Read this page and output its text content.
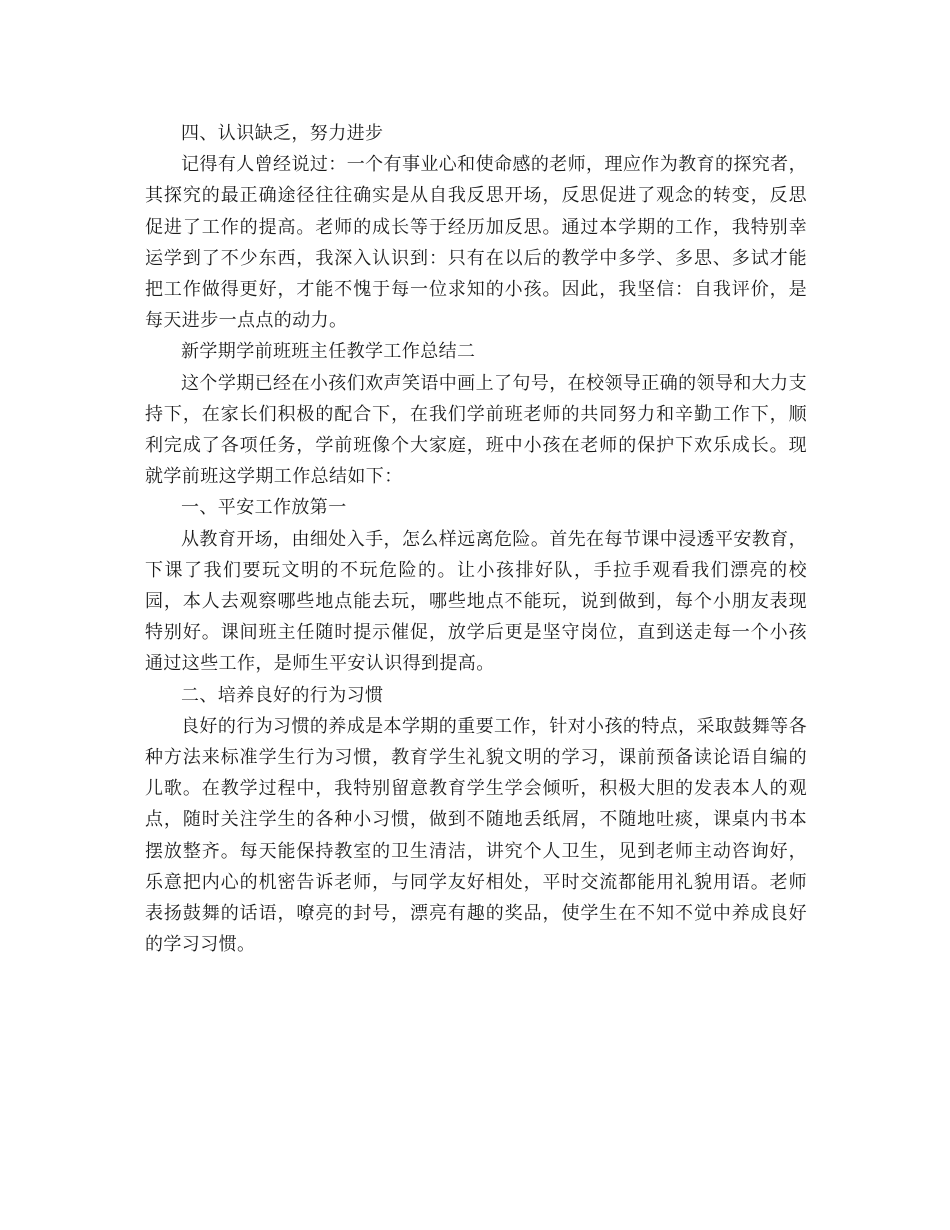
四、认识缺乏，努力进步

记得有人曾经说过：一个有事业心和使命感的老师，理应作为教育的探究者，其探究的最正确途径往往确实是从自我反思开场，反思促进了观念的转变，反思促进了工作的提高。老师的成长等于经历加反思。通过本学期的工作，我特别幸运学到了不少东西，我深入认识到：只有在以后的教学中多学、多思、多试才能把工作做得更好，才能不愧于每一位求知的小孩。因此，我坚信：自我评价，是每天进步一点点的动力。

新学期学前班班主任教学工作总结二

这个学期已经在小孩们欢声笑语中画上了句号，在校领导正确的领导和大力支持下，在家长们积极的配合下，在我们学前班老师的共同努力和辛勤工作下，顺利完成了各项任务，学前班像个大家庭，班中小孩在老师的保护下欢乐成长。现就学前班这学期工作总结如下：

一、平安工作放第一

从教育开场，由细处入手，怎么样远离危险。首先在每节课中浸透平安教育，下课了我们要玩文明的不玩危险的。让小孩排好队，手拉手观看我们漂亮的校园，本人去观察哪些地点能去玩，哪些地点不能玩，说到做到，每个小朋友表现特别好。课间班主任随时提示催促，放学后更是坚守岗位，直到送走每一个小孩通过这些工作，是师生平安认识得到提高。

二、培养良好的行为习惯

良好的行为习惯的养成是本学期的重要工作，针对小孩的特点，采取鼓舞等各种方法来标准学生行为习惯，教育学生礼貌文明的学习，课前预备读论语自编的儿歌。在教学过程中，我特别留意教育学生学会倾听，积极大胆的发表本人的观点，随时关注学生的各种小习惯，做到不随地丢纸屑，不随地吐痰，课桌内书本摆放整齐。每天能保持教室的卫生清洁，讲究个人卫生，见到老师主动咨询好，乐意把内心的机密告诉老师，与同学友好相处，平时交流都能用礼貌用语。老师表扬鼓舞的话语，嘹亮的封号，漂亮有趣的奖品，使学生在不知不觉中养成良好的学习习惯。
